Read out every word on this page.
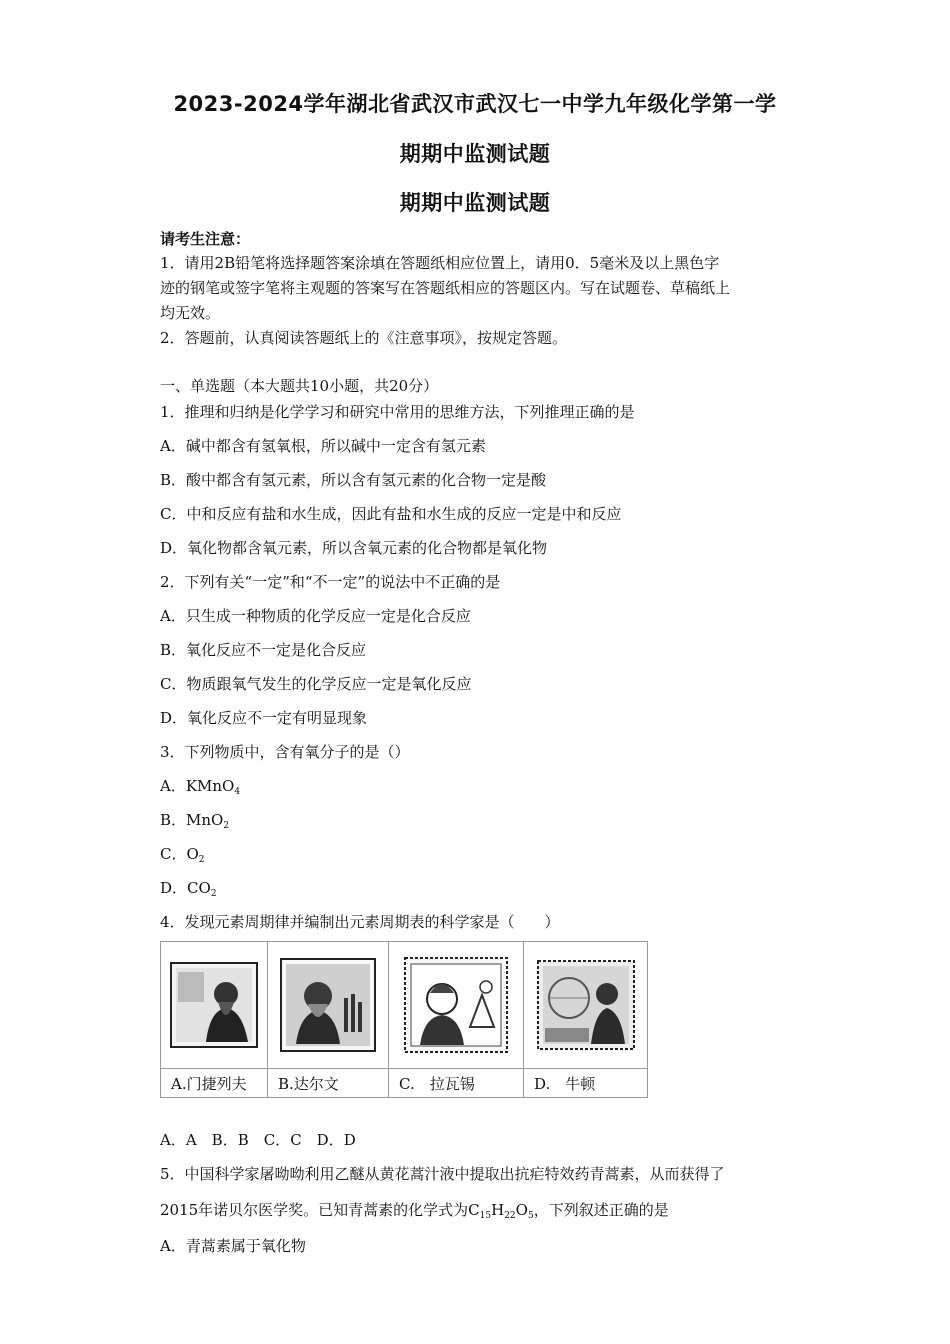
2023-2024学年湖北省武汉市武汉七一中学九年级化学第一学
期期中监测试题
期期中监测试题
请考生注意：
1．请用2B铅笔将选择题答案涂填在答题纸相应位置上，请用0．5毫米及以上黑色字
迹的钢笔或签字笔将主观题的答案写在答题纸相应的答题区内。写在试题卷、草稿纸上
均无效。
2．答题前，认真阅读答题纸上的《注意事项》，按规定答题。
一、单选题（本大题共10小题，共20分）
1．推理和归纳是化学学习和研究中常用的思维方法，下列推理正确的是
A．碱中都含有氢氧根，所以碱中一定含有氢元素
B．酸中都含有氢元素，所以含有氢元素的化合物一定是酸
C．中和反应有盐和水生成，因此有盐和水生成的反应一定是中和反应
D．氧化物都含氧元素，所以含氧元素的化合物都是氧化物
2．下列有关“一定”和“不一定”的说法中不正确的是
A．只生成一种物质的化学反应一定是化合反应
B．氧化反应不一定是化合反应
C．物质跟氧气发生的化学反应一定是氧化反应
D．氧化反应不一定有明显现象
3．下列物质中，含有氧分子的是（）
A．KMnO$_4$
B．MnO$_2$
C．$O_2$
D．$CO_2$
4．发现元素周期律并编制出元素周期表的科学家是（　　）

A.门捷列夫	B.达尔文	C.　拉瓦锡	D.　牛顿
A．A　B．B　C．C　D．D
5．中国科学家屠呦呦利用乙醚从黄花蒿汁液中提取出抗疟特效药青蒿素，从而获得了
2015年诺贝尔医学奖。已知青蒿素的化学式为$C_{15}H_{22}O_5$，下列叙述正确的是
A．青蒿素属于氧化物
